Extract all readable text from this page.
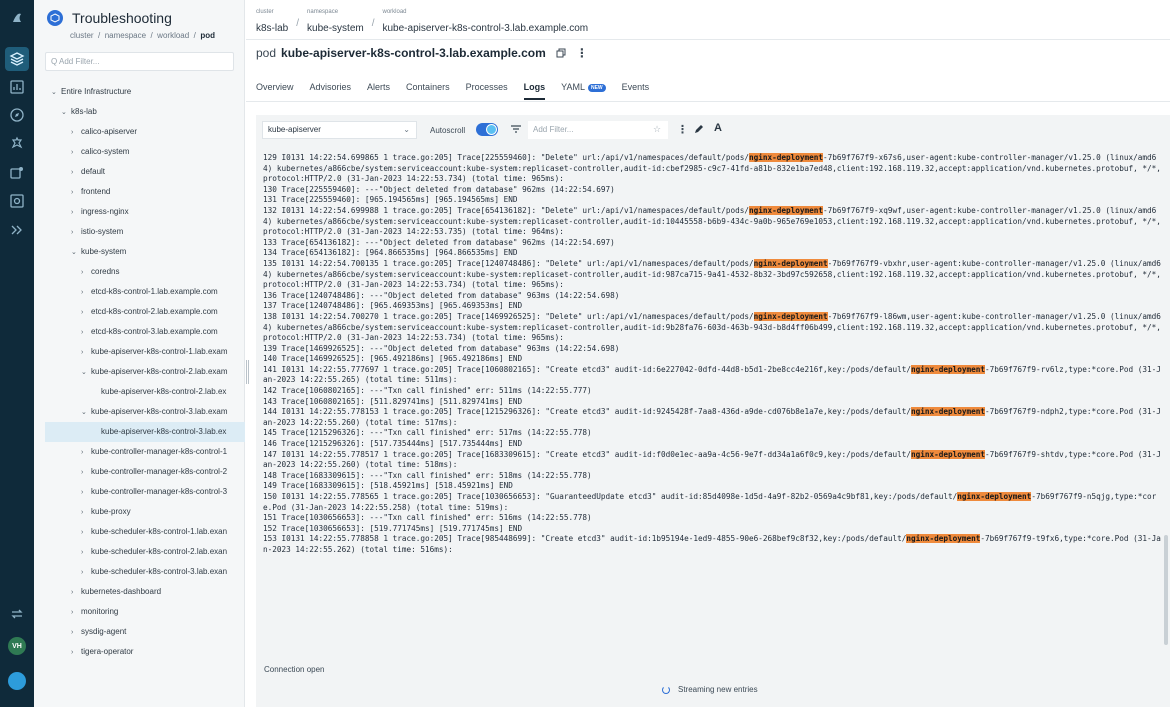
VH
Troubleshooting
cluster  /  namespace  /  workload  /  pod
Q Add Filter...
⌄ Entire Infrastructure
⌄ k8s-lab
› calico-apiserver
› calico-system
› default
› frontend
› ingress-nginx
› istio-system
⌄ kube-system
› coredns
› etcd-k8s-control-1.lab.example.com
› etcd-k8s-control-2.lab.example.com
› etcd-k8s-control-3.lab.example.com
› kube-apiserver-k8s-control-1.lab.exam
⌄ kube-apiserver-k8s-control-2.lab.exam
kube-apiserver-k8s-control-2.lab.ex
⌄ kube-apiserver-k8s-control-3.lab.exam
kube-apiserver-k8s-control-3.lab.ex
› kube-controller-manager-k8s-control-1
› kube-controller-manager-k8s-control-2
› kube-controller-manager-k8s-control-3
› kube-proxy
› kube-scheduler-k8s-control-1.lab.exan
› kube-scheduler-k8s-control-2.lab.exan
› kube-scheduler-k8s-control-3.lab.exan
› kubernetes-dashboard
› monitoring
› sysdig-agent
› tigera-operator
cluster
k8s-lab /
namespace
kube-system /
workload
kube-apiserver-k8s-control-3.lab.example.com
pod kube-apiserver-k8s-control-3.lab.example.com	⋮
Overview Advisories Alerts Containers Processes Logs YAML NEW	Events
kube-apiserver	⌄	Autoscroll	Add Filter...	☆ ⋮ A
129 I0131 14:22:54.699865 1 trace.go:205] Trace[225559460]: "Delete" url:/api/v1/namespaces/default/pods/nginx-deployment-7b69f767f9-x67s6,user-agent:kube-controller-manager/v1.25.0 (linux/amd64) kubernetes/a866cbe/system:serviceaccount:kube-system:replicaset-controller,audit-id:cbef2985-c9c7-41fd-a81b-832e1ba7ed48,client:192.168.119.32,accept:application/vnd.kubernetes.protobuf, */*,protocol:HTTP/2.0 (31-Jan-2023 14:22:53.734) (total time: 965ms):
130 Trace[225559460]: ---"Object deleted from database" 962ms (14:22:54.697)
131 Trace[225559460]: [965.194565ms] [965.194565ms] END
132 I0131 14:22:54.699988 1 trace.go:205] Trace[654136182]: "Delete" url:/api/v1/namespaces/default/pods/nginx-deployment-7b69f767f9-xq9wf,user-agent:kube-controller-manager/v1.25.0 (linux/amd64) kubernetes/a866cbe/system:serviceaccount:kube-system:replicaset-controller,audit-id:10445558-b6b9-434c-9a0b-965e769e1053,client:192.168.119.32,accept:application/vnd.kubernetes.protobuf, */*,protocol:HTTP/2.0 (31-Jan-2023 14:22:53.735) (total time: 964ms):
133 Trace[654136182]: ---"Object deleted from database" 962ms (14:22:54.697)
134 Trace[654136182]: [964.866535ms] [964.866535ms] END
135 I0131 14:22:54.700135 1 trace.go:205] Trace[1240748486]: "Delete" url:/api/v1/namespaces/default/pods/nginx-deployment-7b69f767f9-vbxhr,user-agent:kube-controller-manager/v1.25.0 (linux/amd64) kubernetes/a866cbe/system:serviceaccount:kube-system:replicaset-controller,audit-id:987ca715-9a41-4532-8b32-3bd97c592658,client:192.168.119.32,accept:application/vnd.kubernetes.protobuf, */*,protocol:HTTP/2.0 (31-Jan-2023 14:22:53.734) (total time: 965ms):
136 Trace[1240748486]: ---"Object deleted from database" 963ms (14:22:54.698)
137 Trace[1240748486]: [965.469353ms] [965.469353ms] END
138 I0131 14:22:54.700270 1 trace.go:205] Trace[1469926525]: "Delete" url:/api/v1/namespaces/default/pods/nginx-deployment-7b69f767f9-l86wm,user-agent:kube-controller-manager/v1.25.0 (linux/amd64) kubernetes/a866cbe/system:serviceaccount:kube-system:replicaset-controller,audit-id:9b28fa76-603d-463b-943d-b8d4ff06b499,client:192.168.119.32,accept:application/vnd.kubernetes.protobuf, */*,protocol:HTTP/2.0 (31-Jan-2023 14:22:53.734) (total time: 965ms):
139 Trace[1469926525]: ---"Object deleted from database" 963ms (14:22:54.698)
140 Trace[1469926525]: [965.492186ms] [965.492186ms] END
141 I0131 14:22:55.777697 1 trace.go:205] Trace[1060802165]: "Create etcd3" audit-id:6e227042-0dfd-44d8-b5d1-2be8cc4e216f,key:/pods/default/nginx-deployment-7b69f767f9-rv6lz,type:*core.Pod (31-Jan-2023 14:22:55.265) (total time: 511ms):
142 Trace[1060802165]: ---"Txn call finished" err: 511ms (14:22:55.777)
143 Trace[1060802165]: [511.829741ms] [511.829741ms] END
144 I0131 14:22:55.778153 1 trace.go:205] Trace[1215296326]: "Create etcd3" audit-id:9245428f-7aa8-436d-a9de-cd076b8e1a7e,key:/pods/default/nginx-deployment-7b69f767f9-ndph2,type:*core.Pod (31-Jan-2023 14:22:55.260) (total time: 517ms):
145 Trace[1215296326]: ---"Txn call finished" err: 517ms (14:22:55.778)
146 Trace[1215296326]: [517.735444ms] [517.735444ms] END
147 I0131 14:22:55.778517 1 trace.go:205] Trace[1683309615]: "Create etcd3" audit-id:f0d0e1ec-aa9a-4c56-9e7f-dd34a1a6f0c9,key:/pods/default/nginx-deployment-7b69f767f9-shtdv,type:*core.Pod (31-Jan-2023 14:22:55.260) (total time: 518ms):
148 Trace[1683309615]: ---"Txn call finished" err: 518ms (14:22:55.778)
149 Trace[1683309615]: [518.45921ms] [518.45921ms] END
150 I0131 14:22:55.778565 1 trace.go:205] Trace[1030656653]: "GuaranteedUpdate etcd3" audit-id:85d4098e-1d5d-4a9f-82b2-0569a4c9bf81,key:/pods/default/nginx-deployment-7b69f767f9-n5qjg,type:*core.Pod (31-Jan-2023 14:22:55.258) (total time: 519ms):
151 Trace[1030656653]: ---"Txn call finished" err: 516ms (14:22:55.778)
152 Trace[1030656653]: [519.771745ms] [519.771745ms] END
153 I0131 14:22:55.778858 1 trace.go:205] Trace[985448699]: "Create etcd3" audit-id:1b95194e-1ed9-4855-90e6-268bef9c8f32,key:/pods/default/nginx-deployment-7b69f767f9-t9fx6,type:*core.Pod (31-Jan-2023 14:22:55.262) (total time: 516ms):
Connection open
Streaming new entries
